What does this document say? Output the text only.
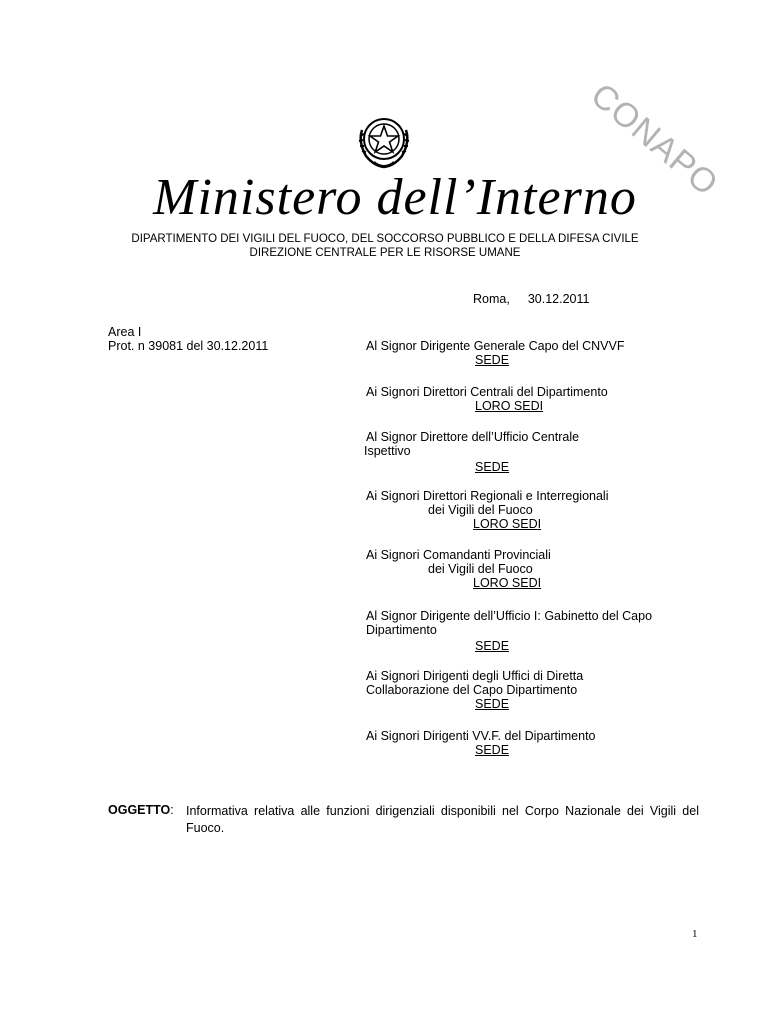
CONAPO
Ministero dell’Interno
DIPARTIMENTO DEI VIGILI DEL FUOCO, DEL SOCCORSO PUBBLICO E DELLA DIFESA CIVILE
DIREZIONE CENTRALE PER LE RISORSE UMANE
Roma, 30.12.2011
Area I
Prot. n 39081 del 30.12.2011	Al Signor Dirigente Generale Capo del CNVVF
SEDE
Ai Signori Direttori Centrali del Dipartimento
LORO SEDI
Al Signor Direttore dell’Ufficio Centrale
Ispettivo
SEDE
Ai Signori Direttori Regionali e Interregionali
dei Vigili del Fuoco
LORO SEDI
Ai Signori Comandanti Provinciali
dei Vigili del Fuoco
LORO SEDI
Al Signor Dirigente dell’Ufficio I: Gabinetto del Capo
Dipartimento
SEDE
Ai Signori Dirigenti degli Uffici di Diretta
Collaborazione del Capo Dipartimento
SEDE
Ai Signori Dirigenti VV.F. del Dipartimento
SEDE
OGGETTO: Informativa relativa alle funzioni dirigenziali disponibili nel Corpo Nazionale dei Vigili del Fuoco.
1
